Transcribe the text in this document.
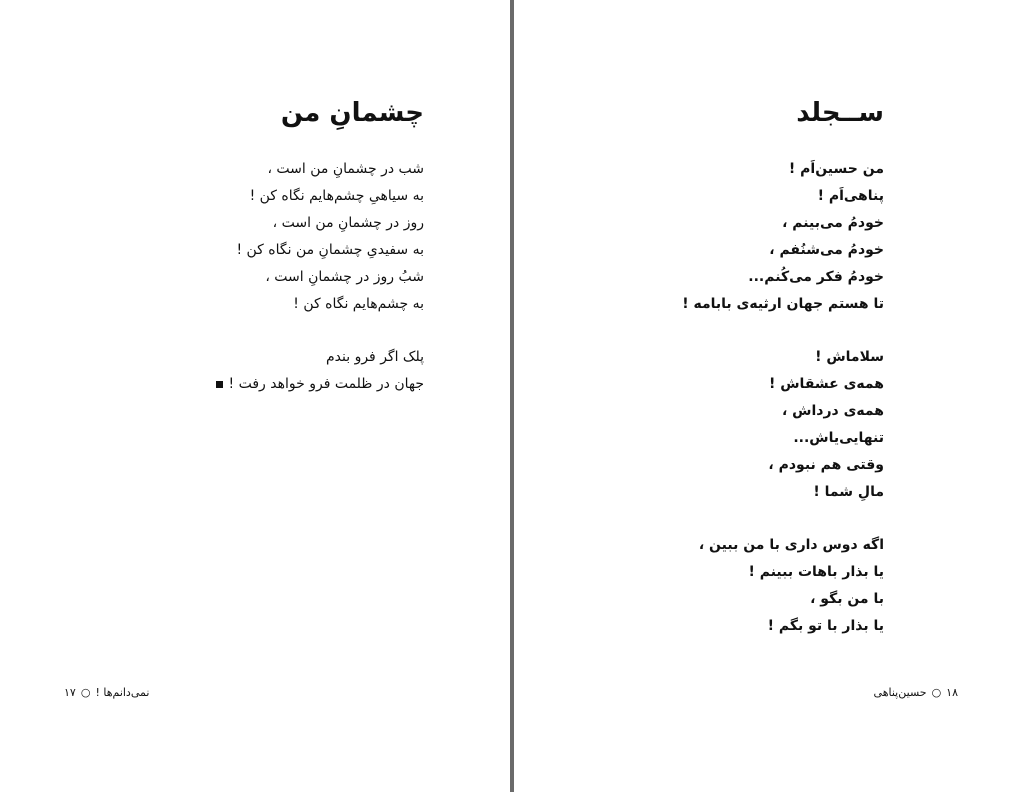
چشمانِ من
شب در چشمانِ من است ،
به سیاهیِ چشم‌هایم نگاه کن !
روز در چشمانِ من است ،
به سفیدیِ چشمانِ من نگاه کن !
شبُ روز در چشمانِ است ،
به چشم‌هایم نگاه کن !
پلک اگر فرو بندم
جهان در ظلمت فرو خواهد رفت !
نمی‌دانم‌ها !○۱۷
ســجلد
من حسین‌اَم !
پناهی‌اَم !
خودمُ می‌بینم ،
خودمُ می‌شنُفم ،
خودمُ فکر می‌کُنم...
تا هستم جهان ارثیه‌ی بابامه !
سلاماش !
همه‌ی عشقاش !
همه‌ی درداش ،
تنهایی‌یاش...
وقتی هم نبودم ،
مالِ شما !
اگه دوس داری با من ببین ،
یا بذار باهات ببینم !
با من بگو ،
یا بذار با تو بگم !
۱۸○حسین‌پناهی
